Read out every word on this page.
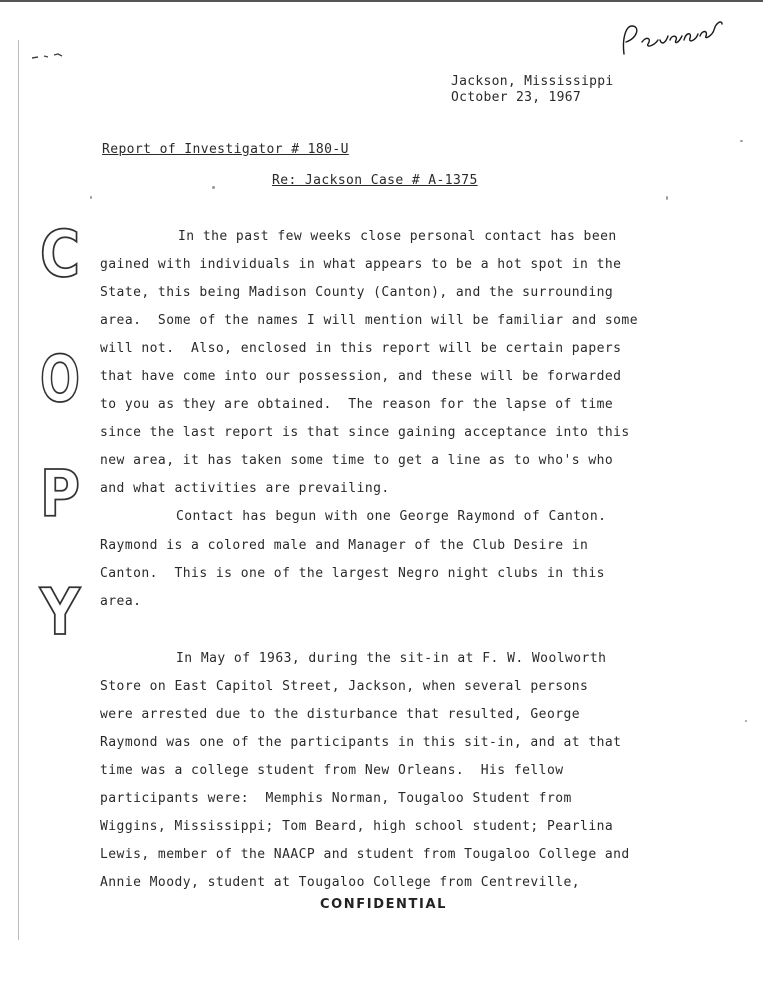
Jackson, Mississippi
October 23, 1967
Report of Investigator # 180-U
Re: Jackson Case # A-1375
C
O
P
Y
In the past few weeks close personal contact has been
gained with individuals in what appears to be a hot spot in the
State, this being Madison County (Canton), and the surrounding
area.  Some of the names I will mention will be familiar and some
will not.  Also, enclosed in this report will be certain papers
that have come into our possession, and these will be forwarded
to you as they are obtained.  The reason for the lapse of time
since the last report is that since gaining acceptance into this
new area, it has taken some time to get a line as to who's who
and what activities are prevailing.
Contact has begun with one George Raymond of Canton.
Raymond is a colored male and Manager of the Club Desire in
Canton.  This is one of the largest Negro night clubs in this
area.
In May of 1963, during the sit-in at F. W. Woolworth
Store on East Capitol Street, Jackson, when several persons
were arrested due to the disturbance that resulted, George
Raymond was one of the participants in this sit-in, and at that
time was a college student from New Orleans.  His fellow
participants were:  Memphis Norman, Tougaloo Student from
Wiggins, Mississippi; Tom Beard, high school student; Pearlina
Lewis, member of the NAACP and student from Tougaloo College and
Annie Moody, student at Tougaloo College from Centreville,
CONFIDENTIAL
